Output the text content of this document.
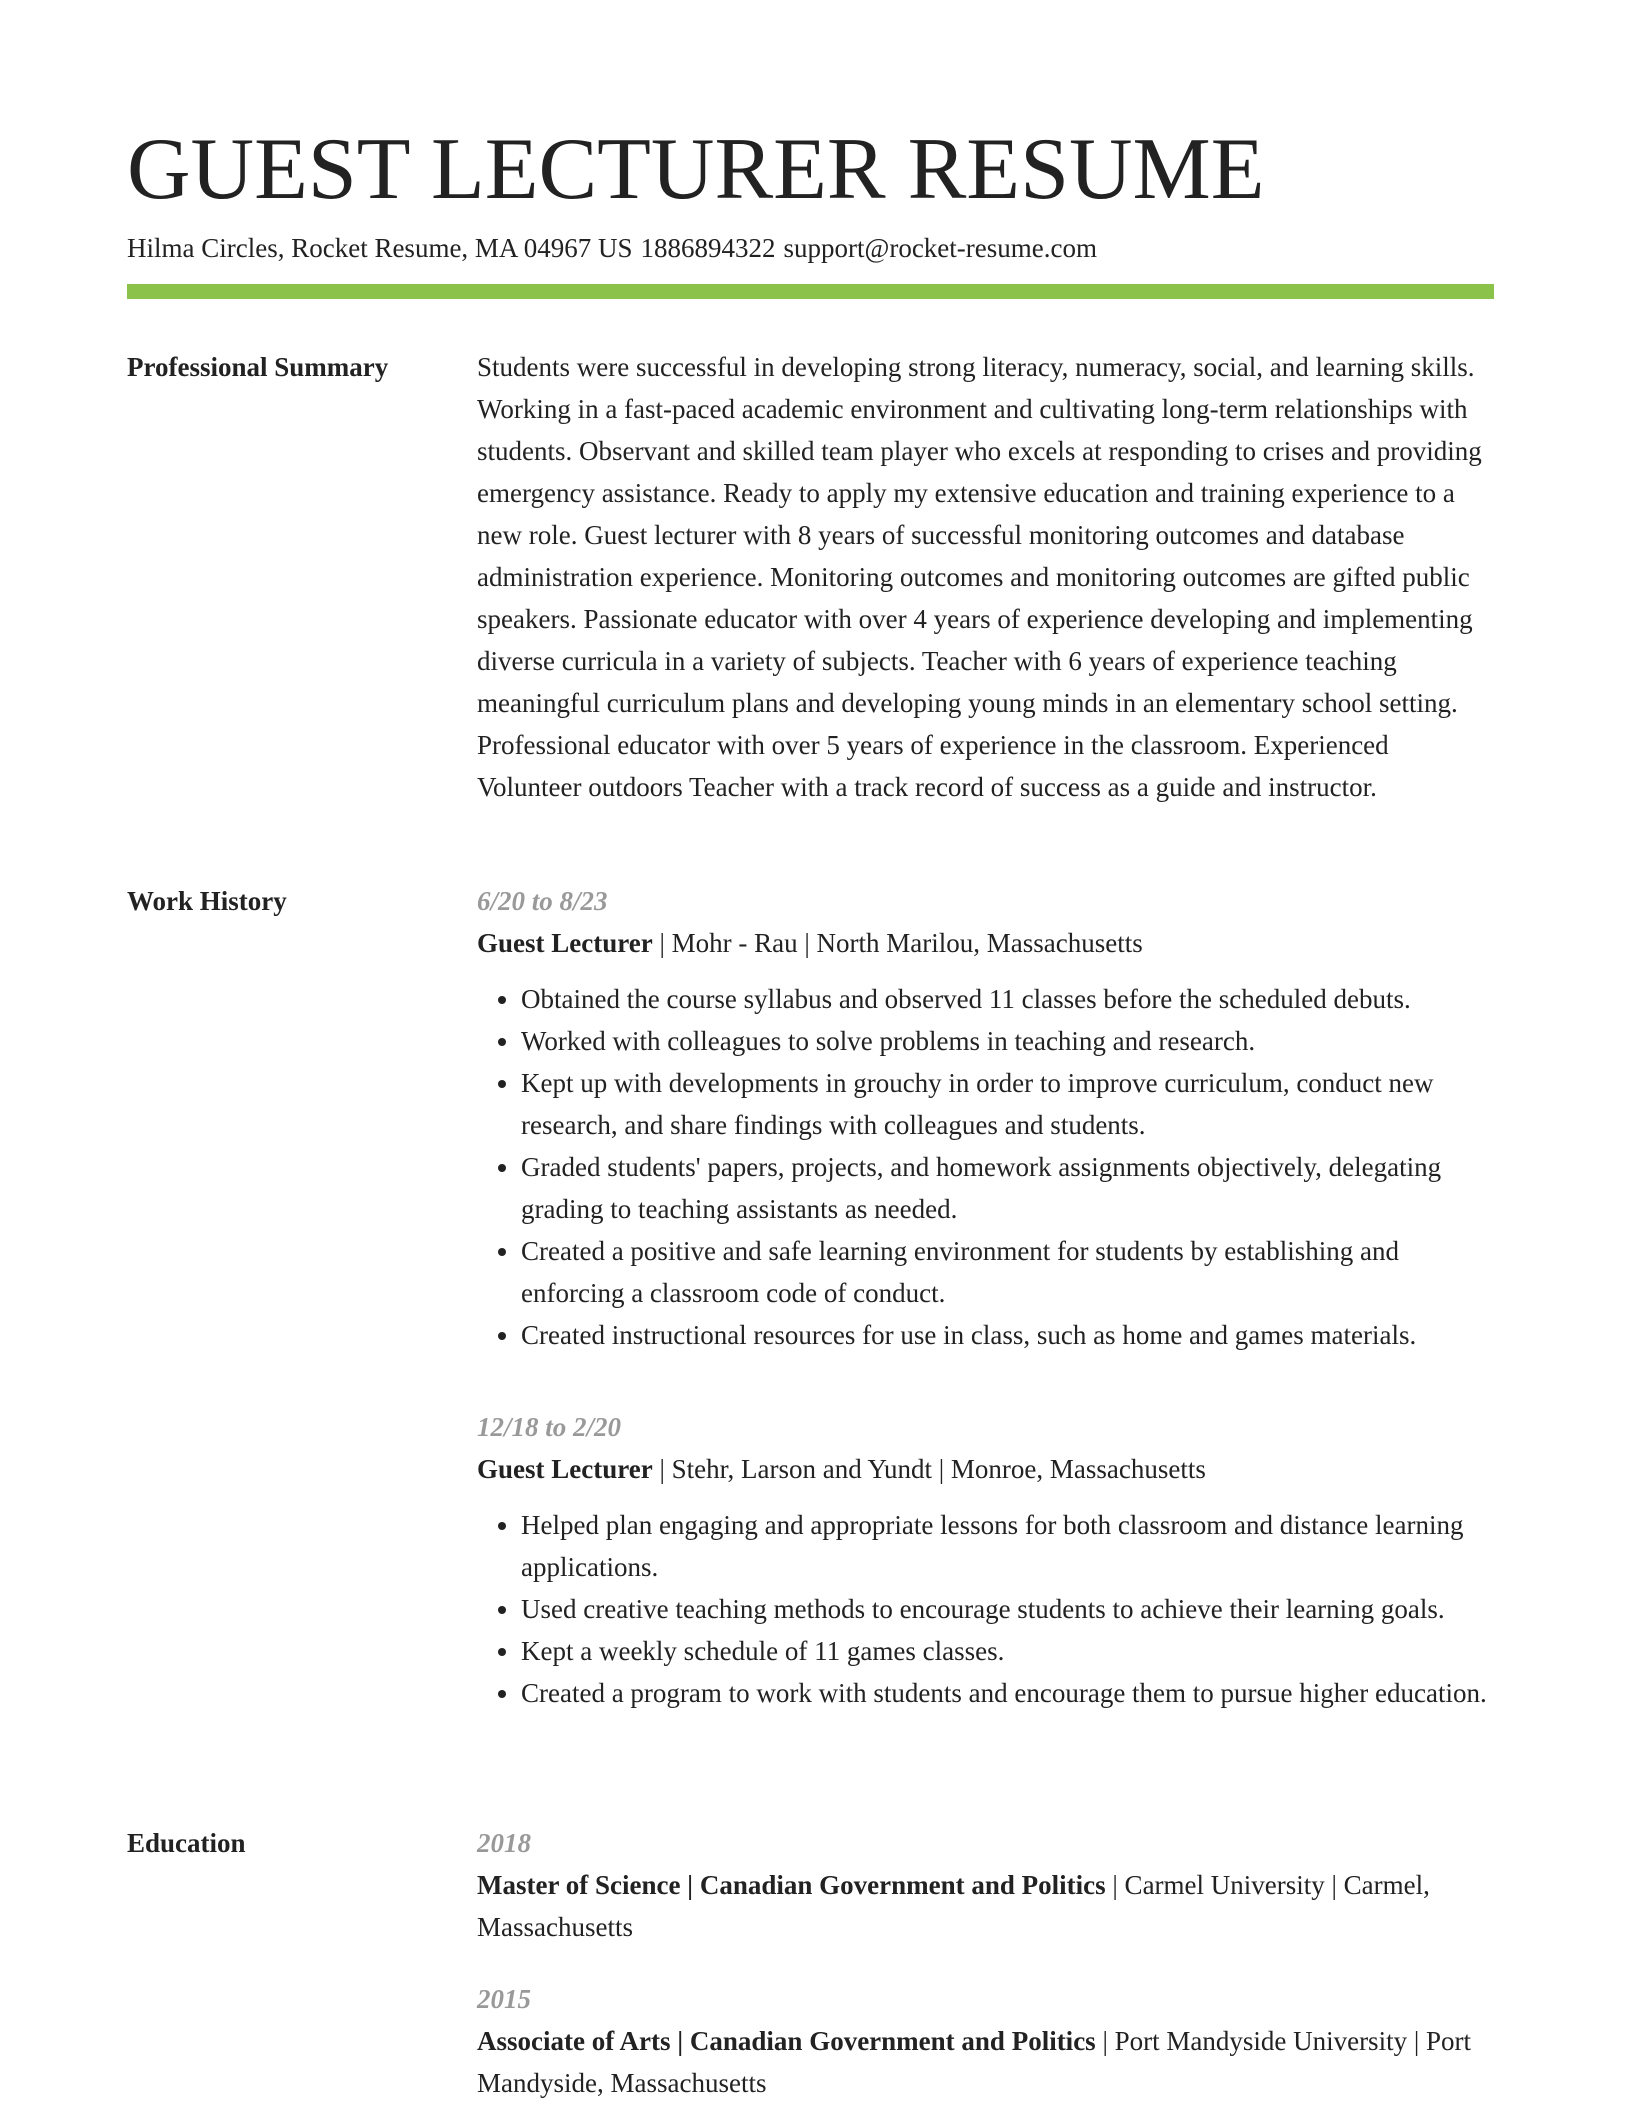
GUEST LECTURER RESUME
Hilma Circles, Rocket Resume, MA 04967 US 1886894322 support@rocket-resume.com
Professional Summary	Students were successful in developing strong literacy, numeracy, social, and learning skills. Working in a fast-paced academic environment and cultivating long-term relationships with students. Observant and skilled team player who excels at responding to crises and providing emergency assistance. Ready to apply my extensive education and training experience to a new role. Guest lecturer with 8 years of successful monitoring outcomes and database administration experience. Monitoring outcomes and monitoring outcomes are gifted public speakers. Passionate educator with over 4 years of experience developing and implementing diverse curricula in a variety of subjects. Teacher with 6 years of experience teaching meaningful curriculum plans and developing young minds in an elementary school setting. Professional educator with over 5 years of experience in the classroom. Experienced Volunteer outdoors Teacher with a track record of success as a guide and instructor.

Work History	6/20 to 8/23
Guest Lecturer | Mohr - Rau | North Marilou, Massachusetts
• Obtained the course syllabus and observed 11 classes before the scheduled debuts.
• Worked with colleagues to solve problems in teaching and research.
• Kept up with developments in grouchy in order to improve curriculum, conduct new research, and share findings with colleagues and students.
• Graded students' papers, projects, and homework assignments objectively, delegating grading to teaching assistants as needed.
• Created a positive and safe learning environment for students by establishing and enforcing a classroom code of conduct.
• Created instructional resources for use in class, such as home and games materials.
12/18 to 2/20
Guest Lecturer | Stehr, Larson and Yundt | Monroe, Massachusetts
• Helped plan engaging and appropriate lessons for both classroom and distance learning applications.
• Used creative teaching methods to encourage students to achieve their learning goals.
• Kept a weekly schedule of 11 games classes.
• Created a program to work with students and encourage them to pursue higher education.
Education	2018
Master of Science | Canadian Government and Politics | Carmel University | Carmel, Massachusetts
2015
Associate of Arts | Canadian Government and Politics | Port Mandyside University | Port Mandyside, Massachusetts
